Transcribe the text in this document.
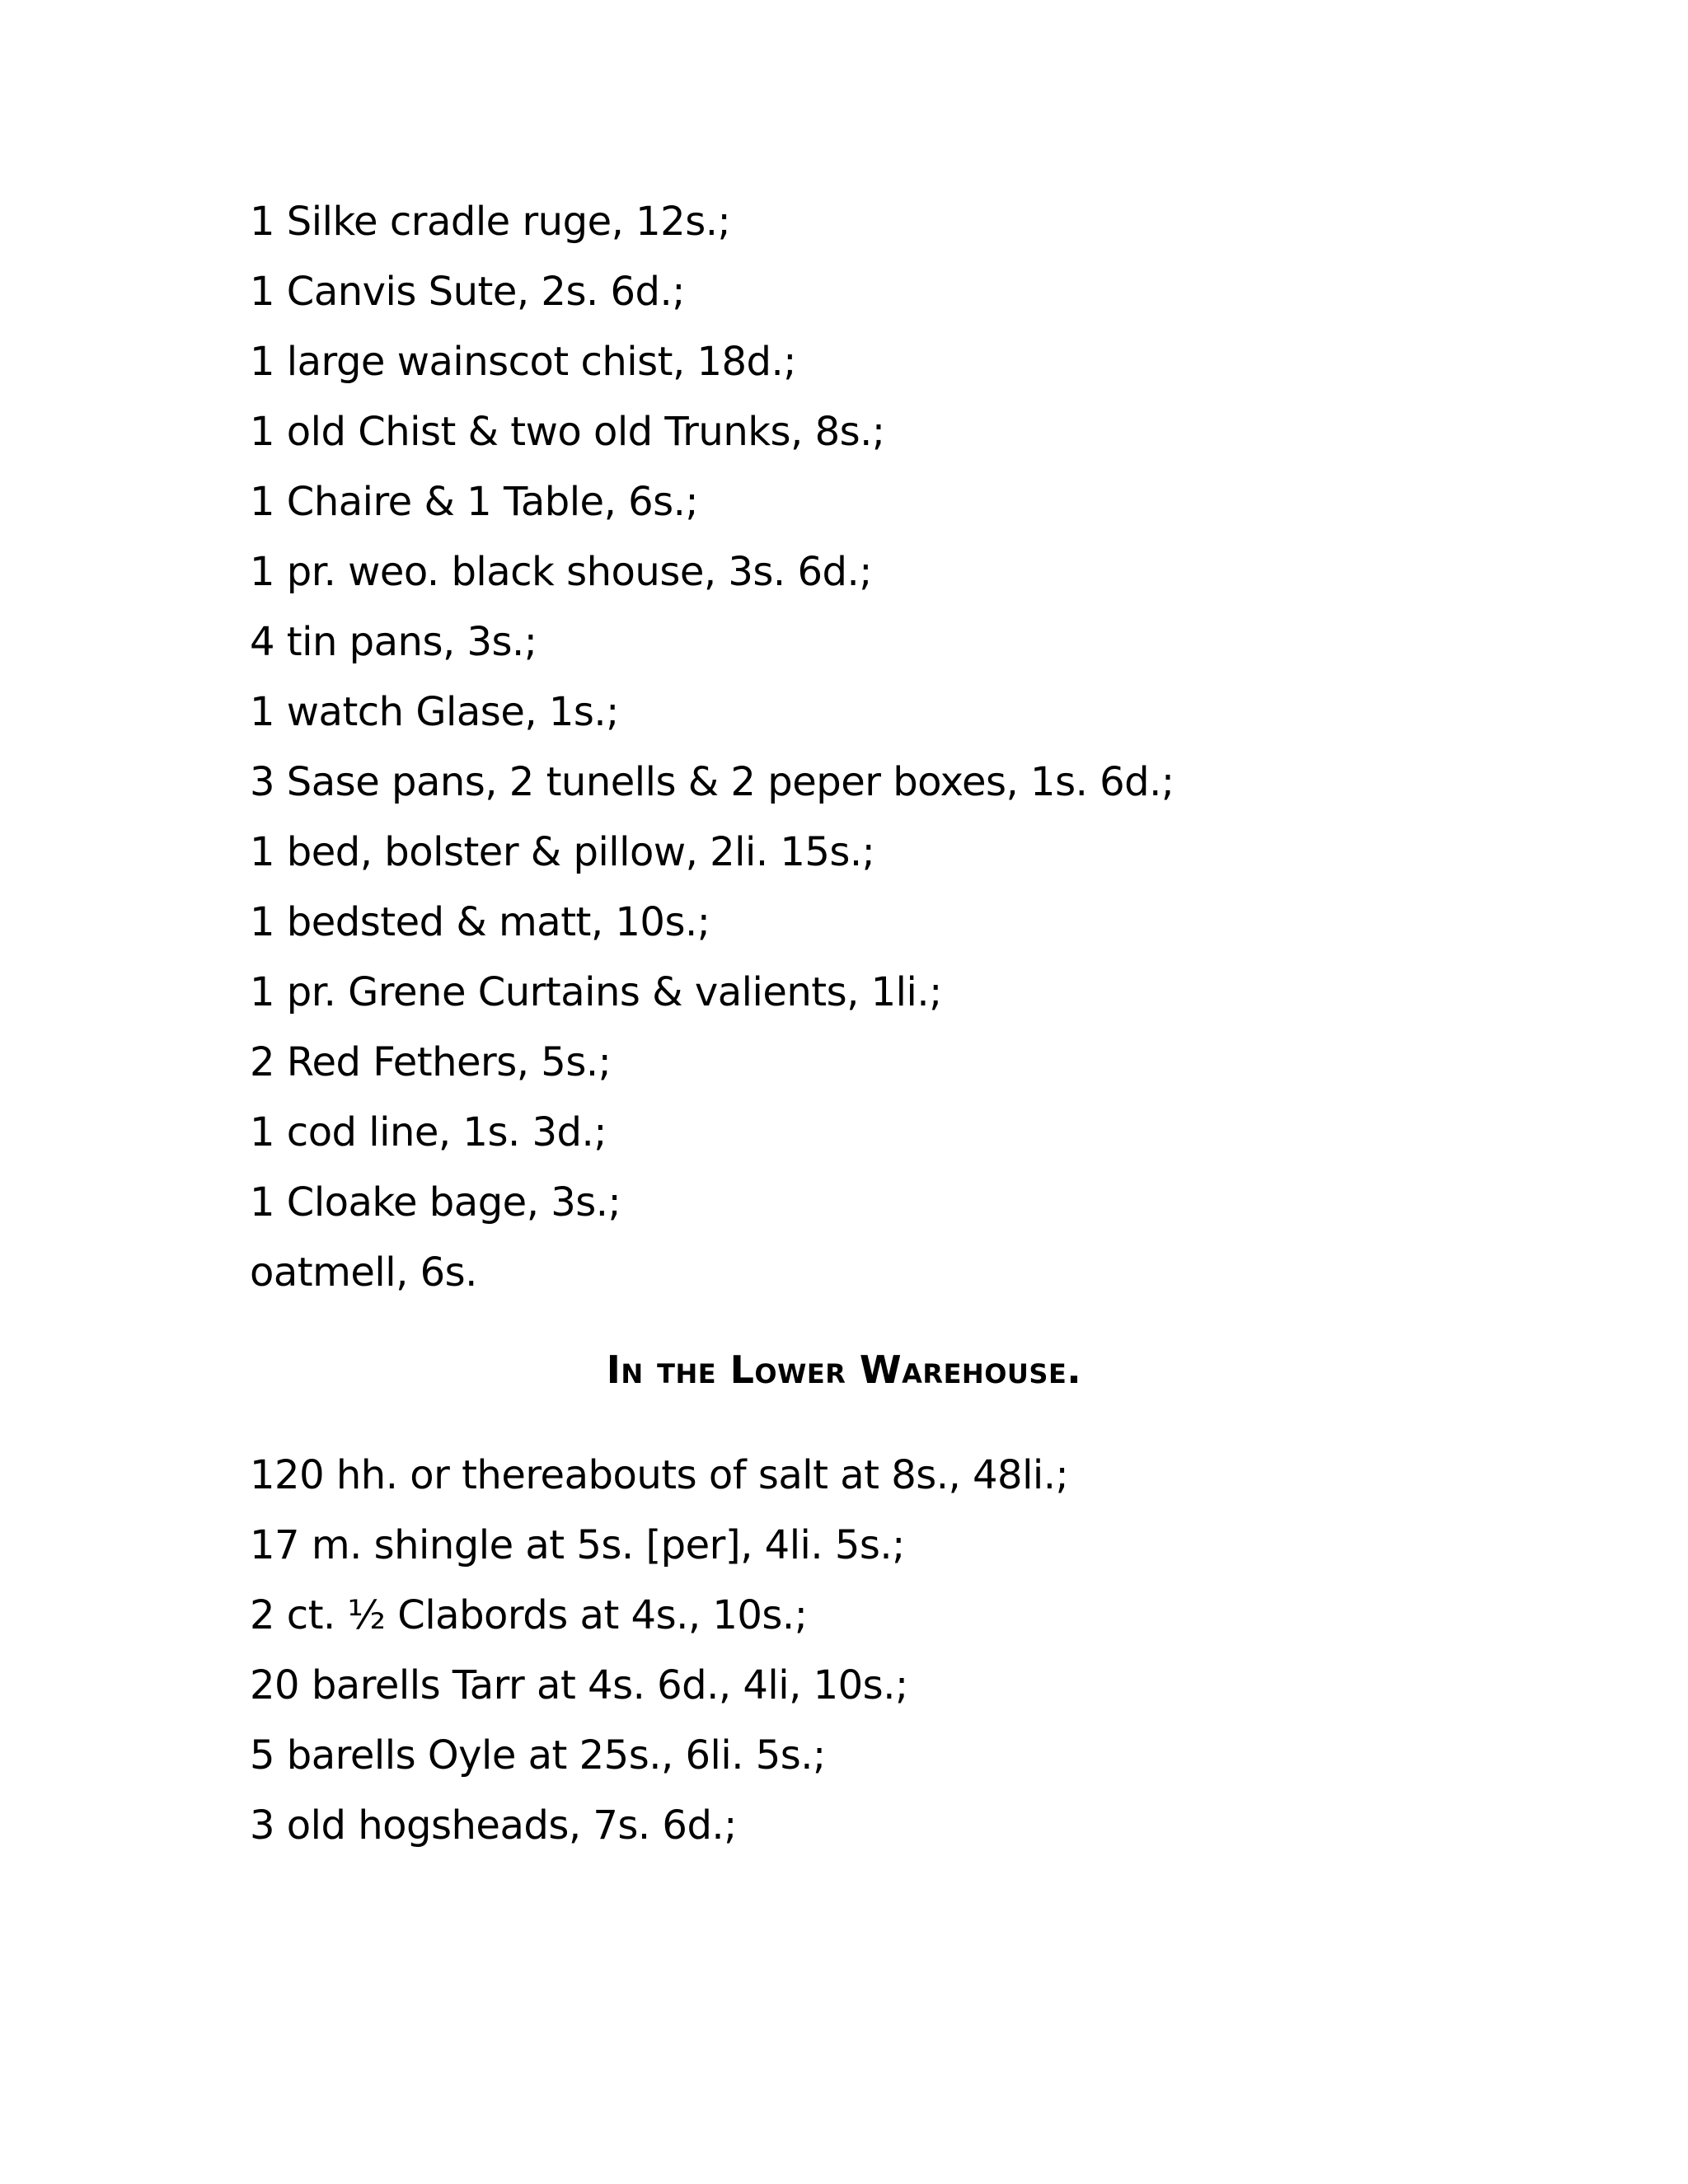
1 Silke cradle ruge, 12s.;
1 Canvis Sute, 2s. 6d.;
1 large wainscot chist, 18d.;
1 old Chist & two old Trunks, 8s.;
1 Chaire & 1 Table, 6s.;
1 pr. weo. black shouse, 3s. 6d.;
4 tin pans, 3s.;
1 watch Glase, 1s.;
3 Sase pans, 2 tunells & 2 peper boxes, 1s. 6d.;
1 bed, bolster & pillow, 2li. 15s.;
1 bedsted & matt, 10s.;
1 pr. Grene Curtains & valients, 1li.;
2 Red Fethers, 5s.;
1 cod line, 1s. 3d.;
1 Cloake bage, 3s.;
oatmell, 6s.
In the Lower Warehouse.
120 hh. or thereabouts of salt at 8s., 48li.;
17 m. shingle at 5s. [per], 4li. 5s.;
2 ct. ½ Clabords at 4s., 10s.;
20 barells Tarr at 4s. 6d., 4li, 10s.;
5 barells Oyle at 25s., 6li. 5s.;
3 old hogsheads, 7s. 6d.;
